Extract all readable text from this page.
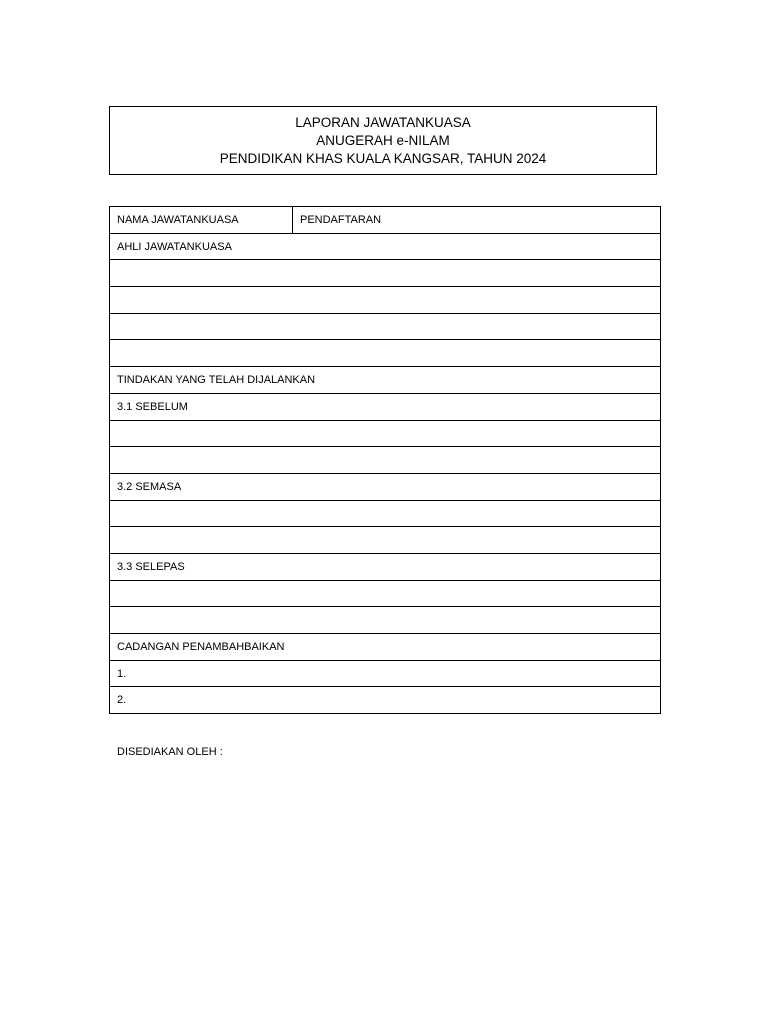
LAPORAN JAWATANKUASA
ANUGERAH e-NILAM
PENDIDIKAN KHAS KUALA KANGSAR, TAHUN 2024
NAMA JAWATANKUASA	PENDAFTARAN
AHLI JAWATANKUASA

TINDAKAN YANG TELAH DIJALANKAN
3.1 SEBELUM

3.2 SEMASA

3.3 SELEPAS

CADANGAN PENAMBAHBAIKAN
1.
2.
DISEDIAKAN OLEH :
